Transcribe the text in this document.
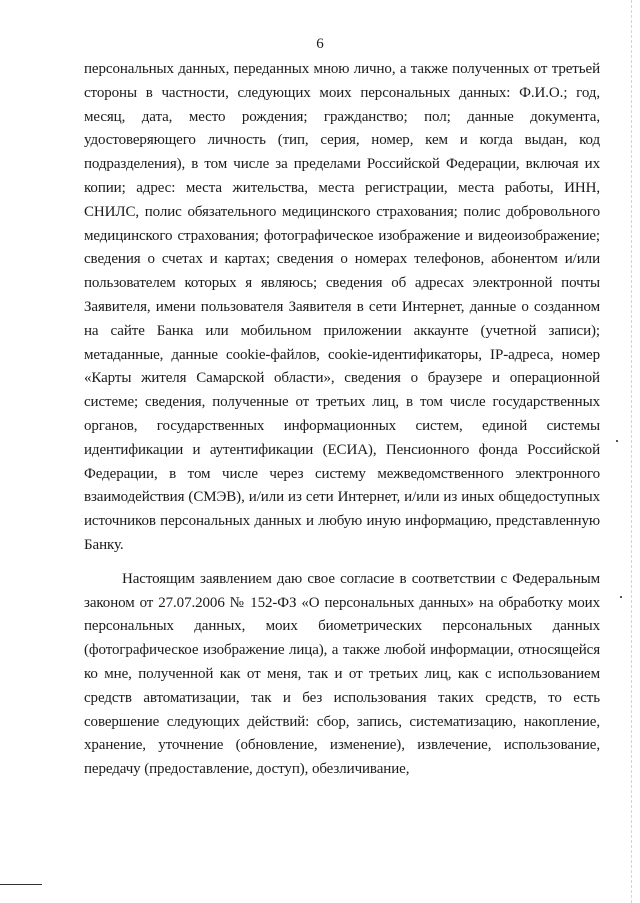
6

персональных данных, переданных мною лично, а также полученных от третьей стороны в частности, следующих моих персональных данных: Ф.И.О.; год, месяц, дата, место рождения; гражданство; пол; данные документа, удостоверяющего личность (тип, серия, номер, кем и когда выдан, код подразделения), в том числе за пределами Российской Федерации, включая их копии; адрес: места жительства, места регистрации, места работы, ИНН, СНИЛС, полис обязательного медицинского страхования; полис добровольного медицинского страхования; фотографическое изображение и видеоизображение; сведения о счетах и картах; сведения о номерах телефонов, абонентом и/или пользователем которых я являюсь; сведения об адресах электронной почты Заявителя, имени пользователя Заявителя в сети Интернет, данные о созданном на сайте Банка или мобильном приложении аккаунте (учетной записи); метаданные, данные cookie-файлов, cookie-идентификаторы, IP-адреса, номер «Карты жителя Самарской области», сведения о браузере и операционной системе; сведения, полученные от третьих лиц, в том числе государственных органов, государственных информационных систем, единой системы идентификации и аутентификации (ЕСИА), Пенсионного фонда Российской Федерации, в том числе через систему межведомственного электронного взаимодействия (СМЭВ), и/или из сети Интернет, и/или из иных общедоступных источников персональных данных и любую иную информацию, представленную Банку.

Настоящим заявлением даю свое согласие в соответствии с Федеральным законом от 27.07.2006 № 152-ФЗ «О персональных данных» на обработку моих персональных данных, моих биометрических персональных данных (фотографическое изображение лица), а также любой информации, относящейся ко мне, полученной как от меня, так и от третьих лиц, как с использованием средств автоматизации, так и без использования таких средств, то есть совершение следующих действий: сбор, запись, систематизацию, накопление, хранение, уточнение (обновление, изменение), извлечение, использование, передачу (предоставление, доступ), обезличивание,
